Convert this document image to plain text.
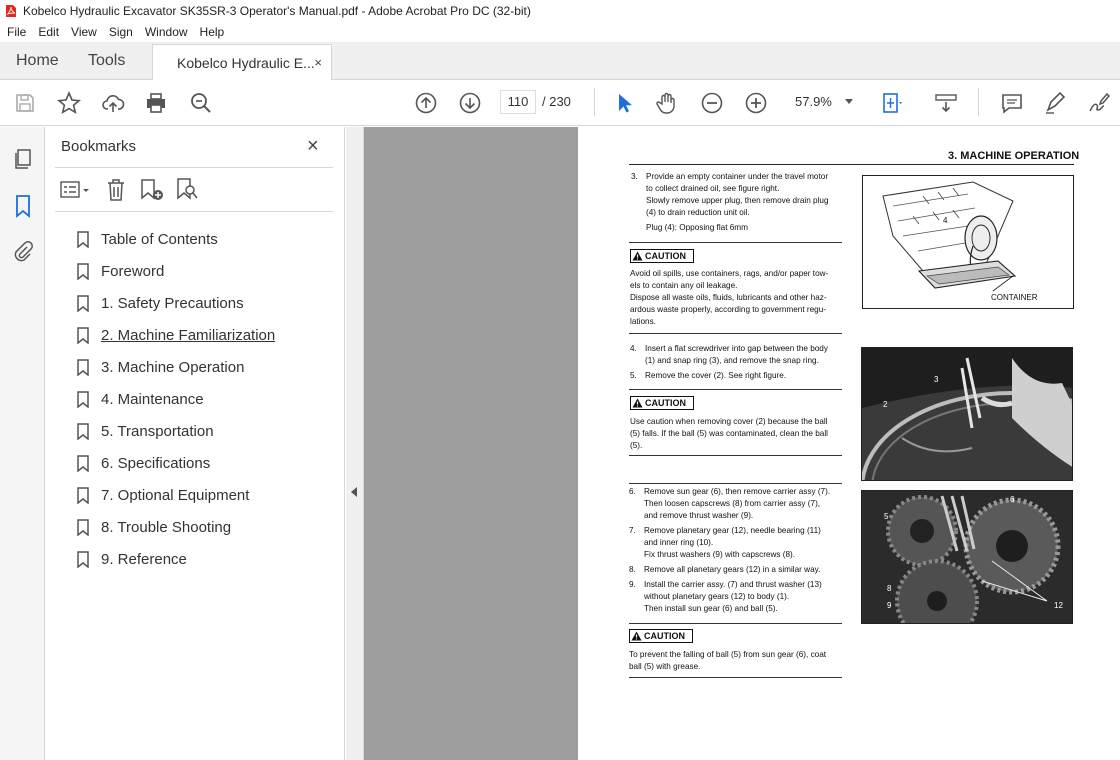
Kobelco Hydraulic Excavator SK35SR-3 Operator's Manual.pdf - Adobe Acrobat Pro DC (32-bit)
File Edit View Sign Window Help
Home Tools	Kobelco Hydraulic E... ×
110	/ 230	57.9%
Bookmarks	×
Table of Contents
Foreword
1. Safety Precautions
2. Machine Familiarization
3. Machine Operation
4. Maintenance
5. Transportation
6. Specifications
7. Optional Equipment
8. Trouble Shooting
9. Reference
3. MACHINE OPERATION
3. Provide an empty container under the travel motor
to collect drained oil, see figure right.
Slowly remove upper plug, then remove drain plug
(4) to drain reduction unit oil.
Plug (4): Opposing flat 6mm
CAUTION
Avoid oil spills, use containers, rags, and/or paper tow-
els to contain any oil leakage.
Dispose all waste oils, fluids, lubricants and other haz-
ardous waste properly, according to government regu-
lations.
4. Insert a flat screwdriver into gap between the body
(1) and snap ring (3), and remove the snap ring.
5. Remove the cover (2). See right figure.
CAUTION
Use caution when removing cover (2) because the ball
(5) falls. If the ball (5) was contaminated, clean the ball
(5).
6. Remove sun gear (6), then remove carrier assy (7).
Then loosen capscrews (8) from carrier assy (7),
and remove thrust washer (9).
7. Remove planetary gear (12), needle bearing (11)
and inner ring (10).
Fix thrust washers (9) with capscrews (8).
8. Remove all planetary gears (12) in a similar way.
9. Install the carrier assy. (7) and thrust washer (13)
without planetary gears (12) to body (1).
Then install sun gear (6) and ball (5).
CAUTION
To prevent the falling of ball (5) from sun gear (6), coat
ball (5) with grease.
CONTAINER
4
3
2
6
5
8
9	12
